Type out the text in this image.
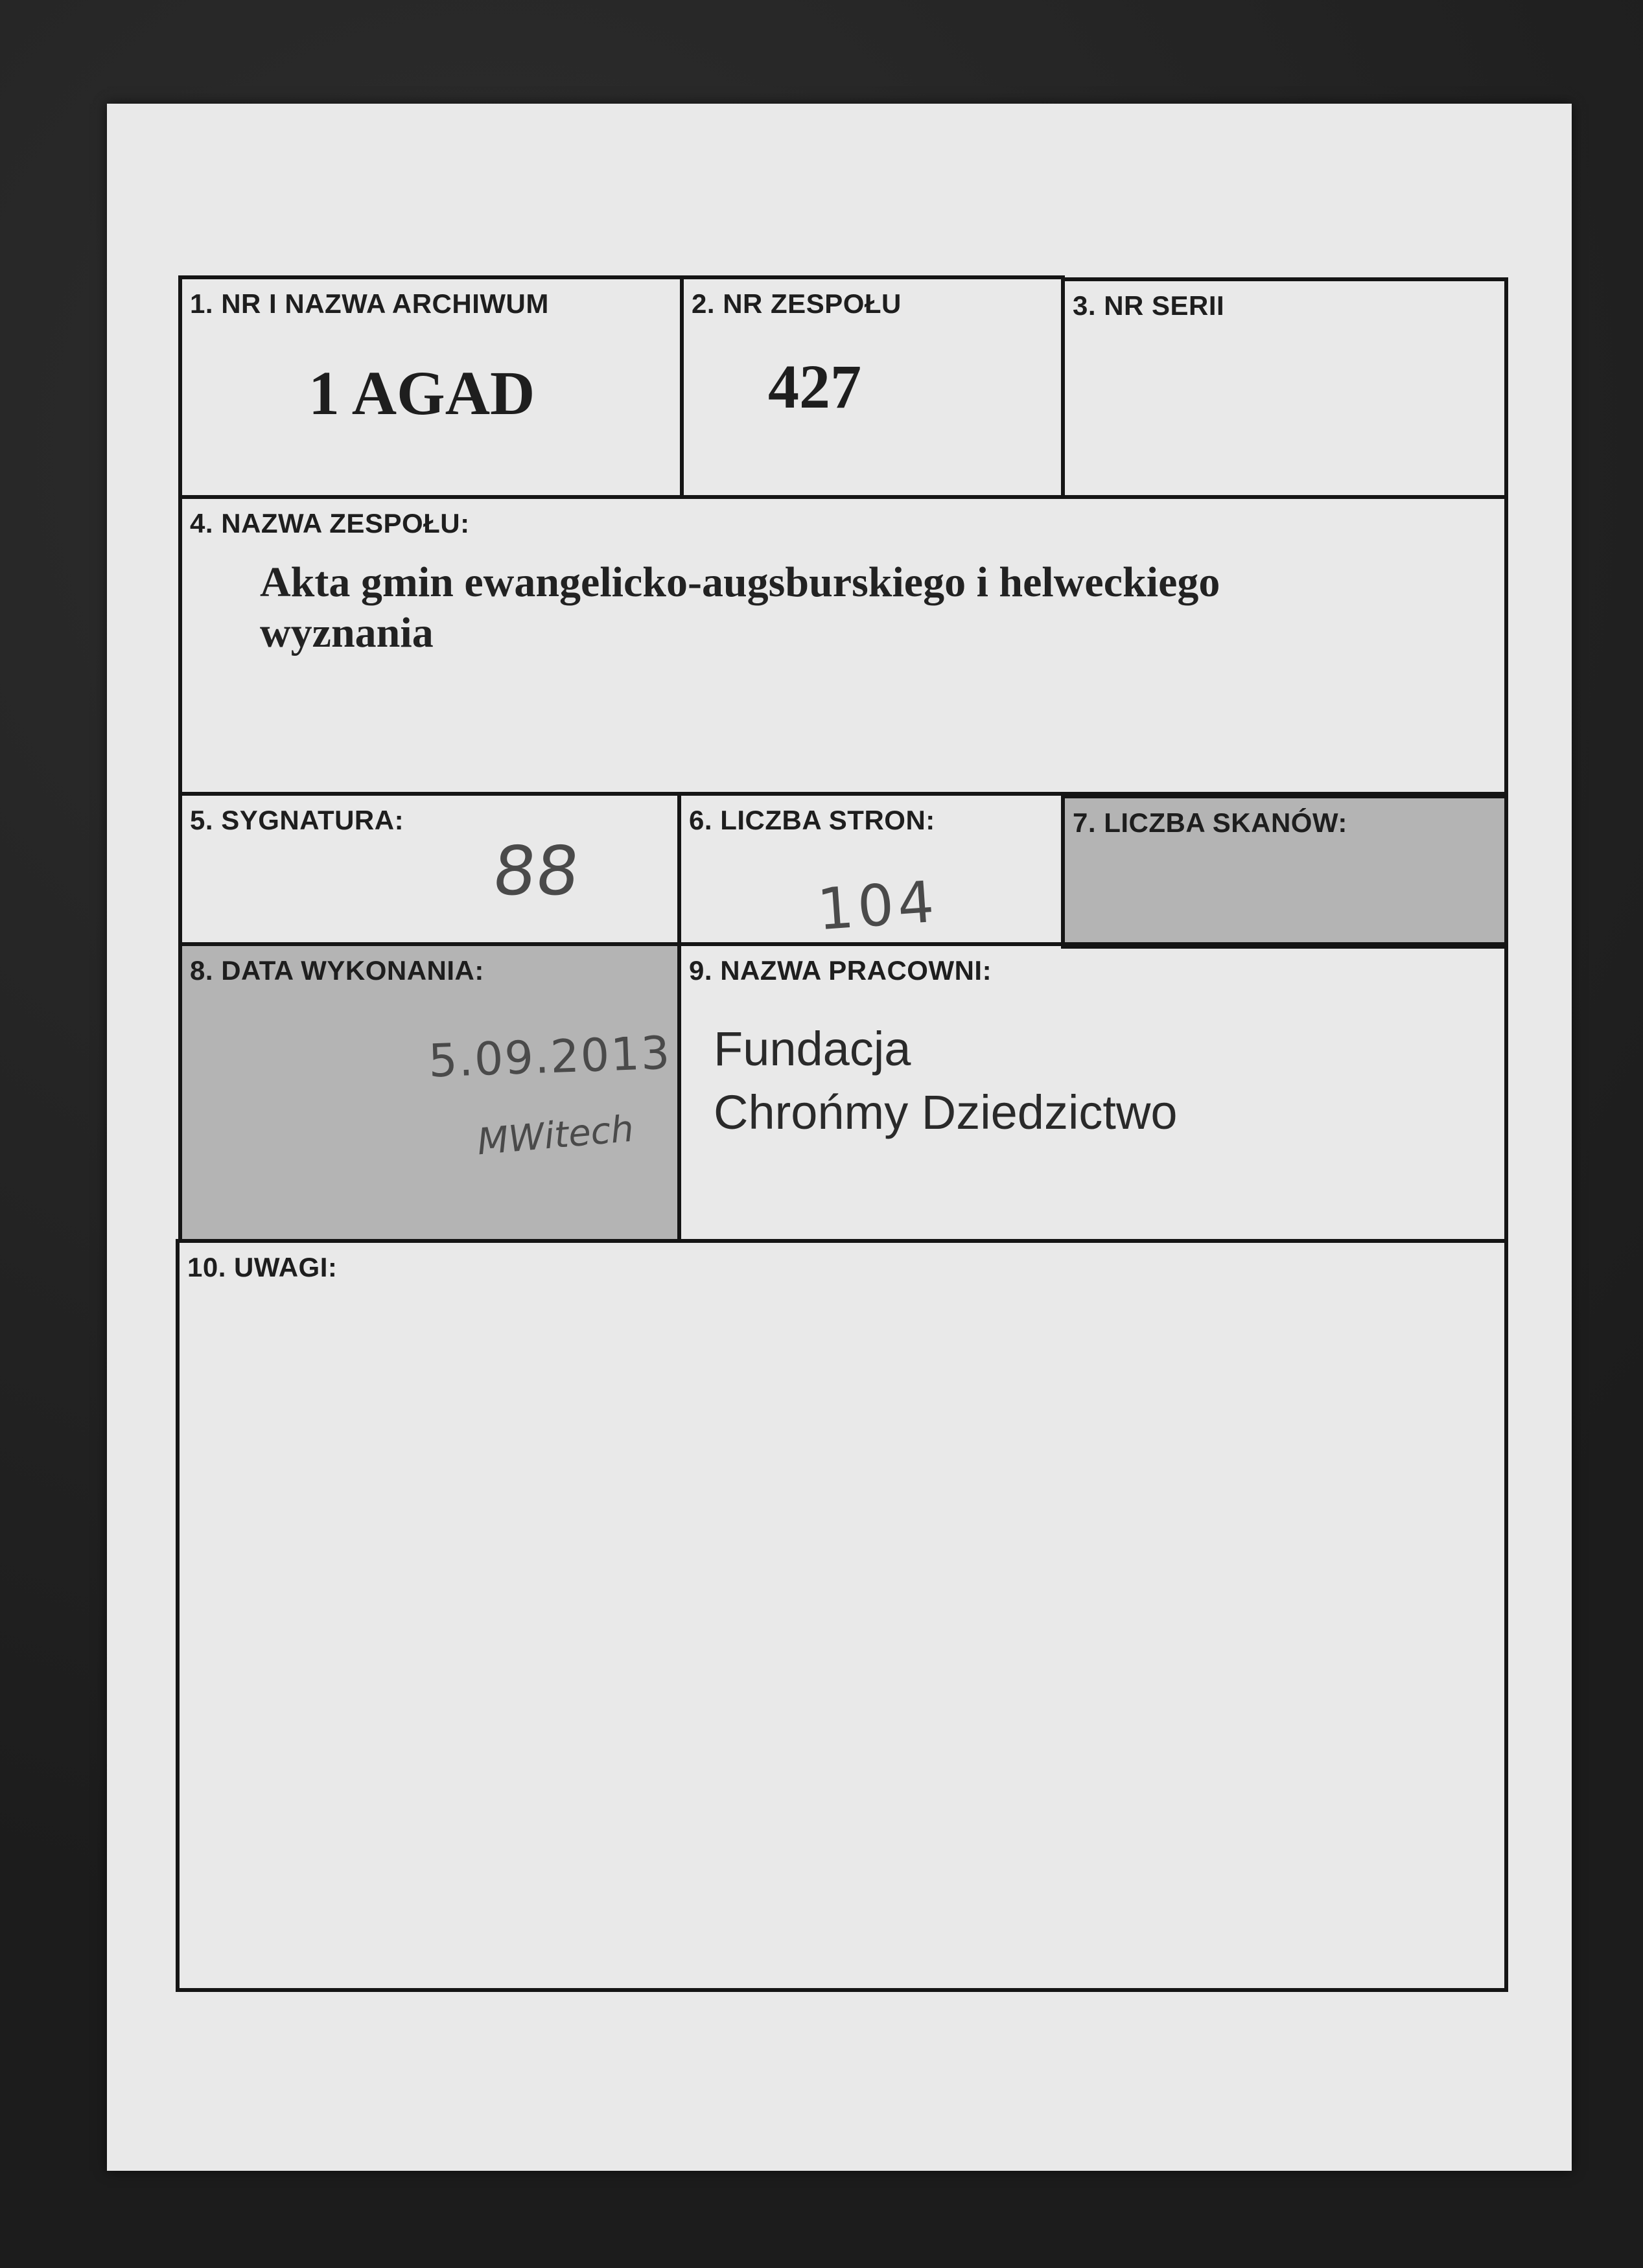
1. NR I NAZWA ARCHIWUM
1 AGAD
2. NR ZESPOŁU
427
3. NR SERII
4. NAZWA ZESPOŁU:
Akta gmin ewangelicko-augsburskiego i helweckiego wyznania
5. SYGNATURA:
88
6. LICZBA STRON:
104
7. LICZBA SKANÓW:
8. DATA WYKONANIA:
5.09.2013
MWitech
9. NAZWA PRACOWNI:
Fundacja
Chrońmy Dziedzictwo
10. UWAGI:
